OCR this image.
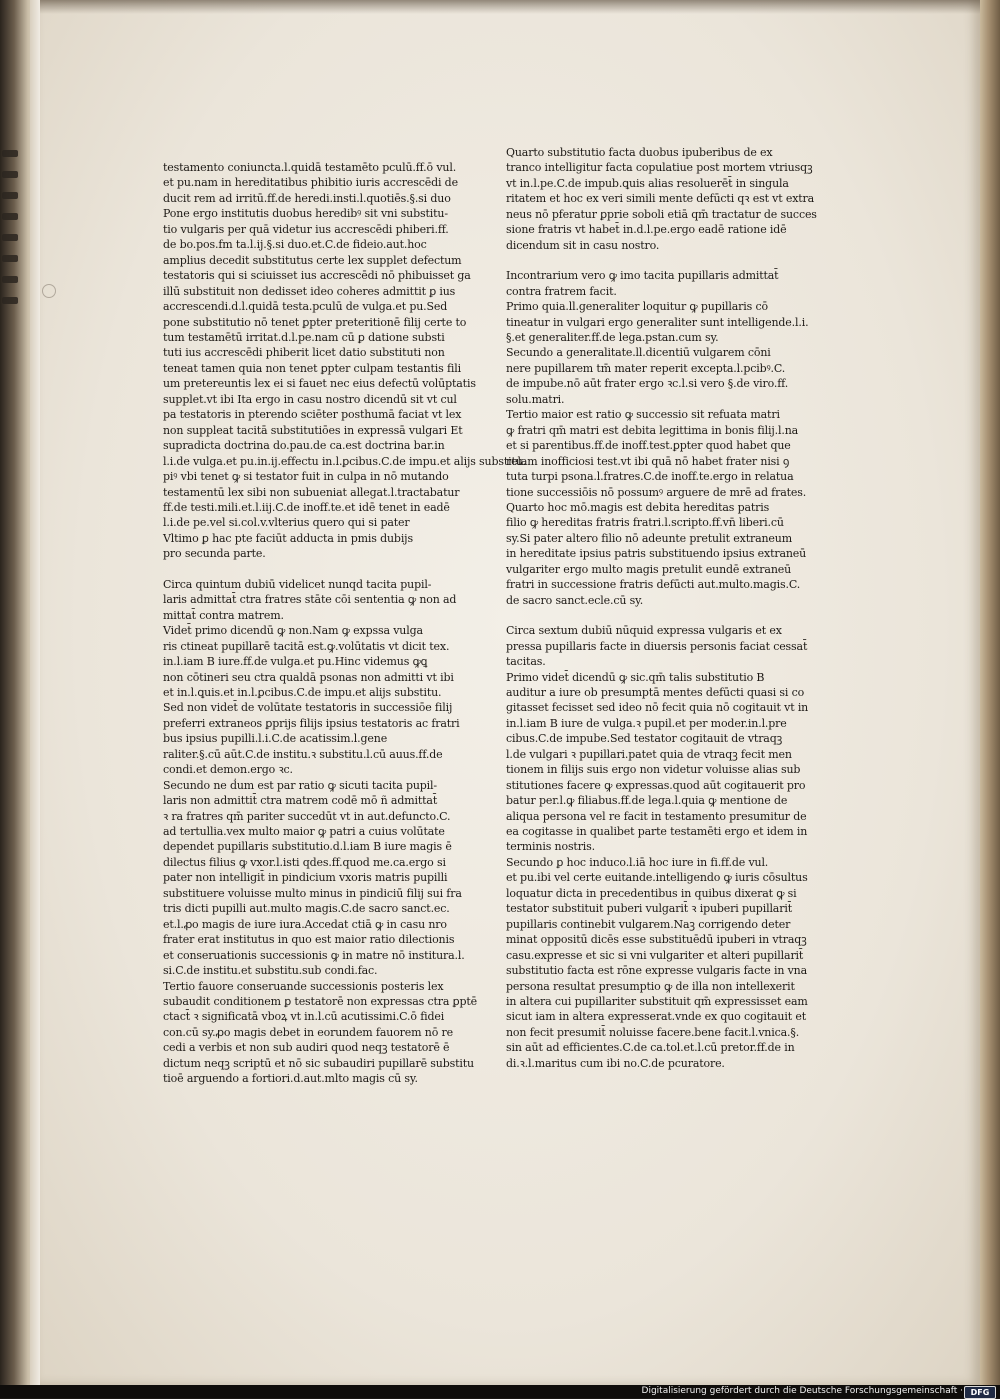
testamento coniuncta.l.quidā testamēto pculū.ff.ō vul.
et pu.nam in hereditatibus phibitio iuris accrescēdi de
ducit rem ad irritū.ff.de heredi.insti.l.quotiēs.§.si duo
Pone ergo institutis duobus heredibꝰ sit vni substitu-
tio vulgaris per quā videtur ius accrescēdi phiberi.ff.
de bo.pos.fm ta.l.ij.§.si duo.et.C.de fideio.aut.hoc
amplius decedit substitutus certe lex supplet defectum
testatoris qui si sciuisset ius accrescēdi nō phibuisset ga
illū substituit non dedisset ideo coheres admittit ꝑ ius
accrescendi.d.l.quidā testa.pculū de vulga.et pu.Sed
pone substitutio nō tenet ꝑpter preteritionē filij certe to
tum testamētū irritat.d.l.pe.nam cū ꝑ datione substi
tuti ius accrescēdi phiberit licet datio substituti non
teneat tamen quia non tenet ꝑpter culpam testantis fili
um pretereuntis lex ei si fauet nec eius defectū volūptatis
supplet.vt ibi Ita ergo in casu nostro dicendū sit vt cul
pa testatoris in pterendo sciēter posthumā faciat vt lex
non suppleat tacitā substitutiōes in expressā vulgari Et
supradicta doctrina do.pau.de ca.est doctrina bar.in
l.i.de vulga.et pu.in.ij.effectu in.l.ꝑcibus.C.de impu.et alijs substitu.
piꝰ vbi tenet ꝙ si testator fuit in culpa in nō mutando
testamentū lex sibi non subueniat allegat.l.tractabatur
ff.de testi.mili.et.l.iij.C.de inoff.te.et idē tenet in eadē
l.i.de pe.vel si.col.v.vlterius quero qui si pater
Vltimo ꝑ hac pte faciūt adducta in pmis dubijs
pro secunda parte.
Circa quintum dubiū videlicet nunqd tacita pupil-
laris admittat̄ ctra fratres stāte cōi sententia ꝙ non ad
mittat̄ contra matrem.
Videt̄ primo dicendū ꝙ non.Nam ꝙ expssa vulga
ris ctineat pupillarē tacitā est.ꝙ.volūtatis vt dicit tex.
in.l.iam B iure.ff.de vulga.et pu.Hinc videmus ꝙꝗ
non cōtineri seu ctra qualdā psonas non admitti vt ibi
et in.l.ꝗuis.et in.l.ꝑcibus.C.de impu.et alijs substitu.
Sed non videt̄ de volūtate testatoris in successiōe filij
preferri extraneos ꝑprijs filijs ipsius testatoris ac fratri
bus ipsius pupilli.l.i.C.de acatissim.l.gene
raliter.§.cū aūt.C.de institu.ꝛ substitu.l.cū auus.ff.de
condi.et demon.ergo ꝛc.
Secundo ne ḋum est par ratio ꝙ sicuti tacita pupil-
laris non admittit̄ ctra matrem codē mō ñ admittat̄
ꝛ ra fratres qm̄ pariter succedūt vt in aut.defuncto.C.
ad tertullia.vex multo maior ꝙ patri a cuius volūtate
dependet pupillaris substitutio.d.l.iam B iure magis ē
dilectus filius ꝙ vxor.l.isti qdes.ff.quod me.ca.ergo si
pater non intelligit̄ in pindicium vxoris matris pupilli
substituere voluisse multo minus in pindiciū filij sui fra
tris dicti pupilli aut.multo magis.C.de sacro sanct.ec.
et.l.ꝓo magis de iure iura.Accedat ctiā ꝙ in casu nro
frater erat institutus in quo est maior ratio dilectionis
et conseruationis successionis ꝙ in matre nō institura.l.
si.C.de institu.et substitu.sub condi.fac.
Tertio fauore conseruande successionis posteris lex
subaudit conditionem ꝑ testatorē non expressas ctra ꝑptē
ctact̄ ꝛ significatā vboꝝ vt in.l.cū acutissimi.C.ō fidei
con.cū sy.ꝓo magis debet in eorundem fauorem nō re
cedi a verbis et non sub audiri quod neqꝫ testatorē ē
dictum neqꝫ scriptū et nō sic subaudiri pupillarē substitu
tioē arguendo a fortiori.d.aut.mlto magis cū sy.
Quarto substitutio facta duobus ipuberibus de ex
tranco intelligitur facta copulatiue post mortem vtriusqꝫ
vt in.l.pe.C.de impub.ꝗuis alias resoluerēt̄ in singula
ritatem et hoc ex veri simili mente defūcti qꝛ est vt extra
neus nō pferatur ꝑprie soboli etiā qm̄ tractatur de succes
sione fratris vt habet̄ in.d.l.pe.ergo eadē ratione idē
dicendum sit in casu nostro.
Incontrarium vero ꝙ imo tacita pupillaris admittat̄
contra fratrem facit.
Primo quia.ll.generaliter loquitur ꝙ pupillaris cō
tineatur in vulgari ergo generaliter sunt intelligende.l.i.
§.et generaliter.ff.de lega.pstan.cum sy.
Secundo a generalitate.ll.dicentiū vulgarem cōni
nere pupillarem tm̄ mater reperit excepta.l.pcibꝰ.C.
de impube.nō aūt frater ergo ꝛc.l.si vero §.de viro.ff.
solu.matri.
Tertio maior est ratio ꝙ successio sit refuata matri
ꝙ fratri qm̄ matri est debita legittima in bonis filij.l.na
et si parentibus.ff.de inoff.test.ꝑpter quod habet que
relam inofficiosi test.vt ibi quā nō habet frater nisi ꝯ
tuta turpi psona.l.fratres.C.de inoff.te.ergo in relatua
tione successiōis nō possumꝰ arguere de mrē ad frates.
Quarto hoc mō.magis est debita hereditas patris
filio ꝙ hereditas fratris fratri.l.scripto.ff.vn̄ liberi.cū
sy.Si pater altero filio nō adeunte pretulit extraneum
in hereditate ipsius patris substituendo ipsius extraneū
vulgariter ergo multo magis pretulit eundē extraneū
fratri in successione fratris defūcti aut.multo.magis.C.
de sacro sanct.ecle.cū sy.
Circa sextum dubiū nūquid expressa vulgaris et ex
pressa pupillaris facte in diuersis personis faciat cessat̄
tacitas.
Primo videt̄ dicendū ꝙ sic.qm̄ talis substitutio B
auditur a iure ob presumptā mentes defūcti quasi si co
gitasset fecisset sed ideo nō fecit quia nō cogitauit vt in
in.l.iam B iure de vulga.ꝛ pupil.et per moder.in.l.pre
cibus.C.de impube.Sed testator cogitauit de vtraqꝫ
l.de vulgari ꝛ pupillari.patet quia de vtraqꝫ fecit men
tionem in filijs suis ergo non videtur voluisse alias sub
stitutiones facere ꝙ expressas.quod aūt cogitauerit pro
batur per.l.ꝙ filiabus.ff.de lega.l.quia ꝙ mentione de
aliqua persona vel re facit in testamento presumitur de
ea cogitasse in qualibet parte testamēti ergo et idem in
terminis nostris.
Secundo ꝑ hoc induco.l.iā hoc iure in fi.ff.de vul.
et pu.ibi vel certe euitande.intelligendo ꝙ iuris cōsultus
loquatur dicta in precedentibus in quibus dixerat ꝙ si
testator substituit puberi vulgarit̄ ꝛ ipuberi pupillarit̄
pupillaris continebit vulgarem.Naꝫ corrigendo deter
minat oppositū dicēs esse substituēdū ipuberi in vtraqꝫ
casu.expresse et sic si vni vulgariter et alteri pupillarit̄
substitutio facta est rōne expresse vulgaris facte in vna
persona resultat presumptio ꝙ de illa non intellexerit
in altera cui pupillariter substituit qm̄ expressisset eam
sicut iam in altera expresserat.vnde ex quo cogitauit et
non fecit presumit̄ noluisse facere.bene facit.l.vnica.§.
sin aūt ad efficientes.C.de ca.tol.et.l.cū pretor.ff.de in
di.ꝛ.l.maritus cum ibi no.C.de pcuratore.
Digitalisierung gefördert durch die Deutsche Forschungsgemeinschaft · DFG
